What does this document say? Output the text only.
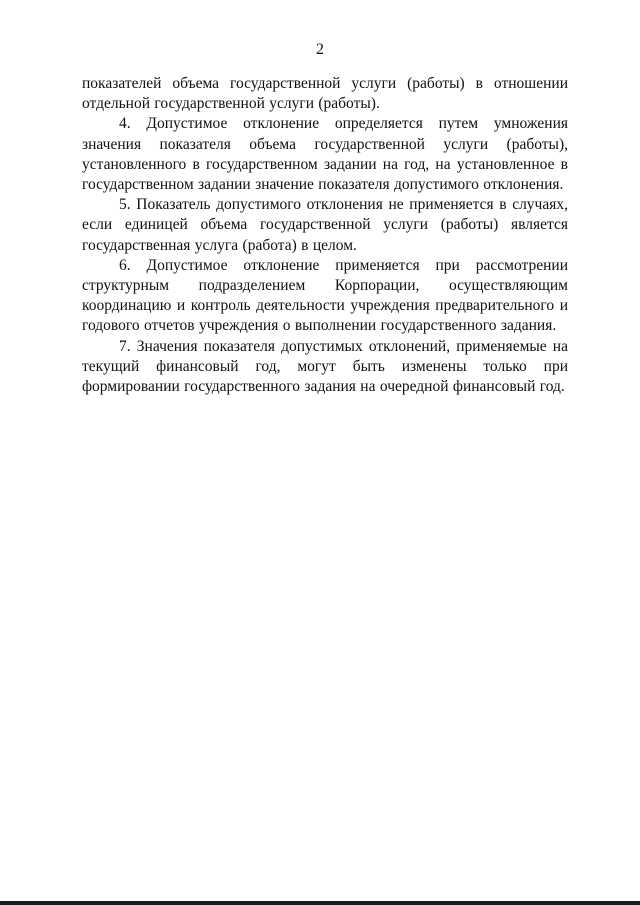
2

показателей объема государственной услуги (работы) в отношении отдельной государственной услуги (работы).

4. Допустимое отклонение определяется путем умножения значения показателя объема государственной услуги (работы), установленного в государственном задании на год, на установленное в государственном задании значение показателя допустимого отклонения.

5. Показатель допустимого отклонения не применяется в случаях, если единицей объема государственной услуги (работы) является государственная услуга (работа) в целом.

6. Допустимое отклонение применяется при рассмотрении структурным подразделением Корпорации, осуществляющим координацию и контроль деятельности учреждения предварительного и годового отчетов учреждения о выполнении государственного задания.

7. Значения показателя допустимых отклонений, применяемые на текущий финансовый год, могут быть изменены только при формировании государственного задания на очередной финансовый год.
